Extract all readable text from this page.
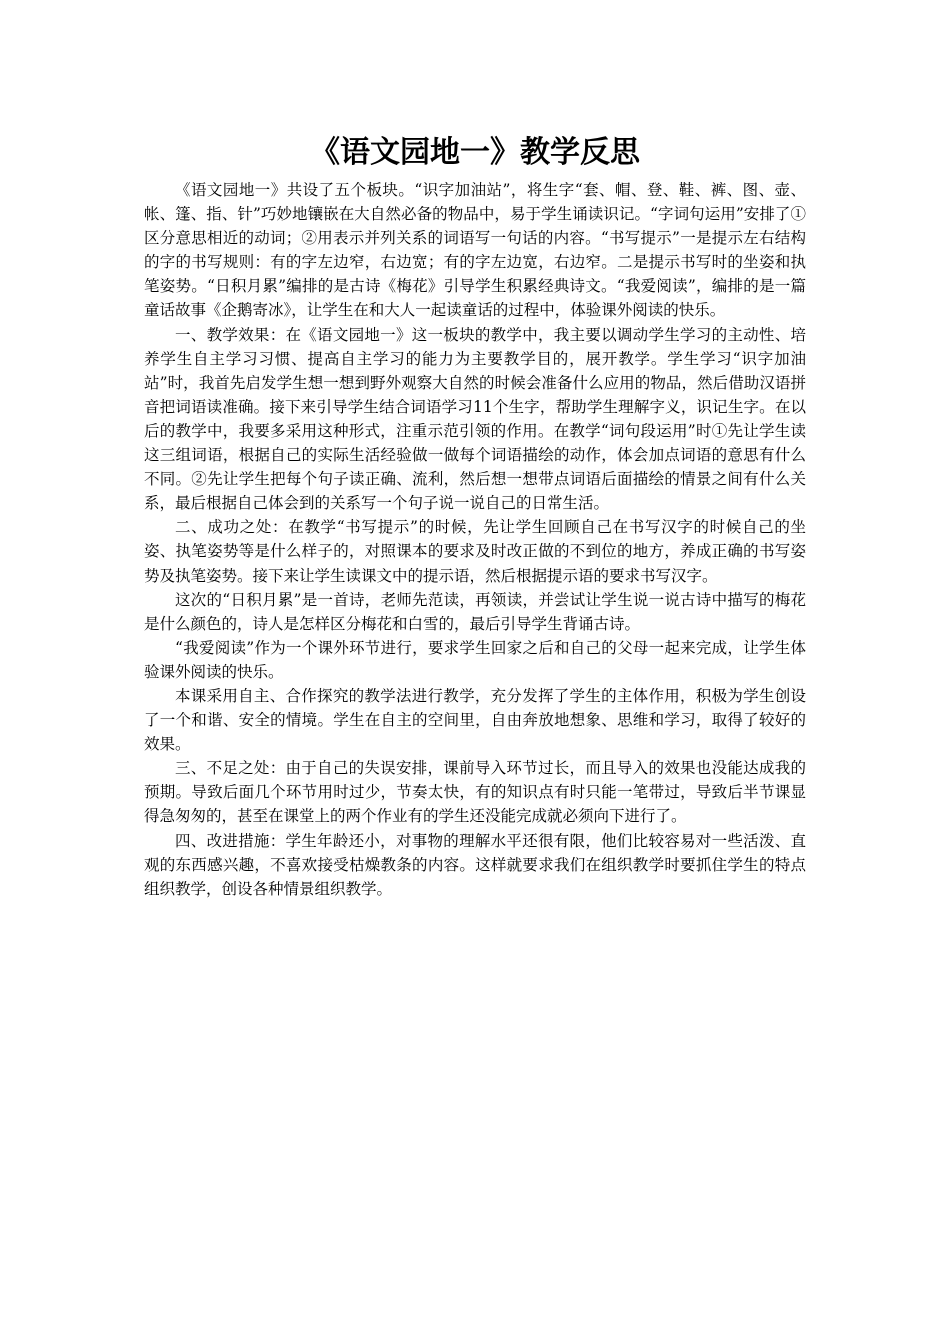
《语文园地一》教学反思

《语文园地一》共设了五个板块。“识字加油站”，将生字“套、帽、登、鞋、裤、图、壶、帐、篷、指、针”巧妙地镶嵌在大自然必备的物品中，易于学生诵读识记。“字词句运用”安排了①区分意思相近的动词；②用表示并列关系的词语写一句话的内容。“书写提示”一是提示左右结构的字的书写规则：有的字左边窄，右边宽；有的字左边宽，右边窄。二是提示书写时的坐姿和执笔姿势。“日积月累”编排的是古诗《梅花》引导学生积累经典诗文。“我爱阅读”，编排的是一篇童话故事《企鹅寄冰》，让学生在和大人一起读童话的过程中，体验课外阅读的快乐。

一、教学效果：在《语文园地一》这一板块的教学中，我主要以调动学生学习的主动性、培养学生自主学习习惯、提高自主学习的能力为主要教学目的，展开教学。学生学习“识字加油站”时，我首先启发学生想一想到野外观察大自然的时候会准备什么应用的物品，然后借助汉语拼音把词语读准确。接下来引导学生结合词语学习11个生字，帮助学生理解字义，识记生字。在以后的教学中，我要多采用这种形式，注重示范引领的作用。在教学“词句段运用”时①先让学生读这三组词语，根据自己的实际生活经验做一做每个词语描绘的动作，体会加点词语的意思有什么不同。②先让学生把每个句子读正确、流利，然后想一想带点词语后面描绘的情景之间有什么关系，最后根据自己体会到的关系写一个句子说一说自己的日常生活。

二、成功之处：在教学“书写提示”的时候，先让学生回顾自己在书写汉字的时候自己的坐姿、执笔姿势等是什么样子的，对照课本的要求及时改正做的不到位的地方，养成正确的书写姿势及执笔姿势。接下来让学生读课文中的提示语，然后根据提示语的要求书写汉字。

这次的“日积月累”是一首诗，老师先范读，再领读，并尝试让学生说一说古诗中描写的梅花是什么颜色的，诗人是怎样区分梅花和白雪的，最后引导学生背诵古诗。

“我爱阅读”作为一个课外环节进行，要求学生回家之后和自己的父母一起来完成，让学生体验课外阅读的快乐。

本课采用自主、合作探究的教学法进行教学，充分发挥了学生的主体作用，积极为学生创设了一个和谐、安全的情境。学生在自主的空间里，自由奔放地想象、思维和学习，取得了较好的效果。

三、不足之处：由于自己的失误安排，课前导入环节过长，而且导入的效果也没能达成我的预期。导致后面几个环节用时过少，节奏太快，有的知识点有时只能一笔带过，导致后半节课显得急匆匆的，甚至在课堂上的两个作业有的学生还没能完成就必须向下进行了。

四、改进措施：学生年龄还小，对事物的理解水平还很有限，他们比较容易对一些活泼、直观的东西感兴趣，不喜欢接受枯燥教条的内容。这样就要求我们在组织教学时要抓住学生的特点组织教学，创设各种情景组织教学。
